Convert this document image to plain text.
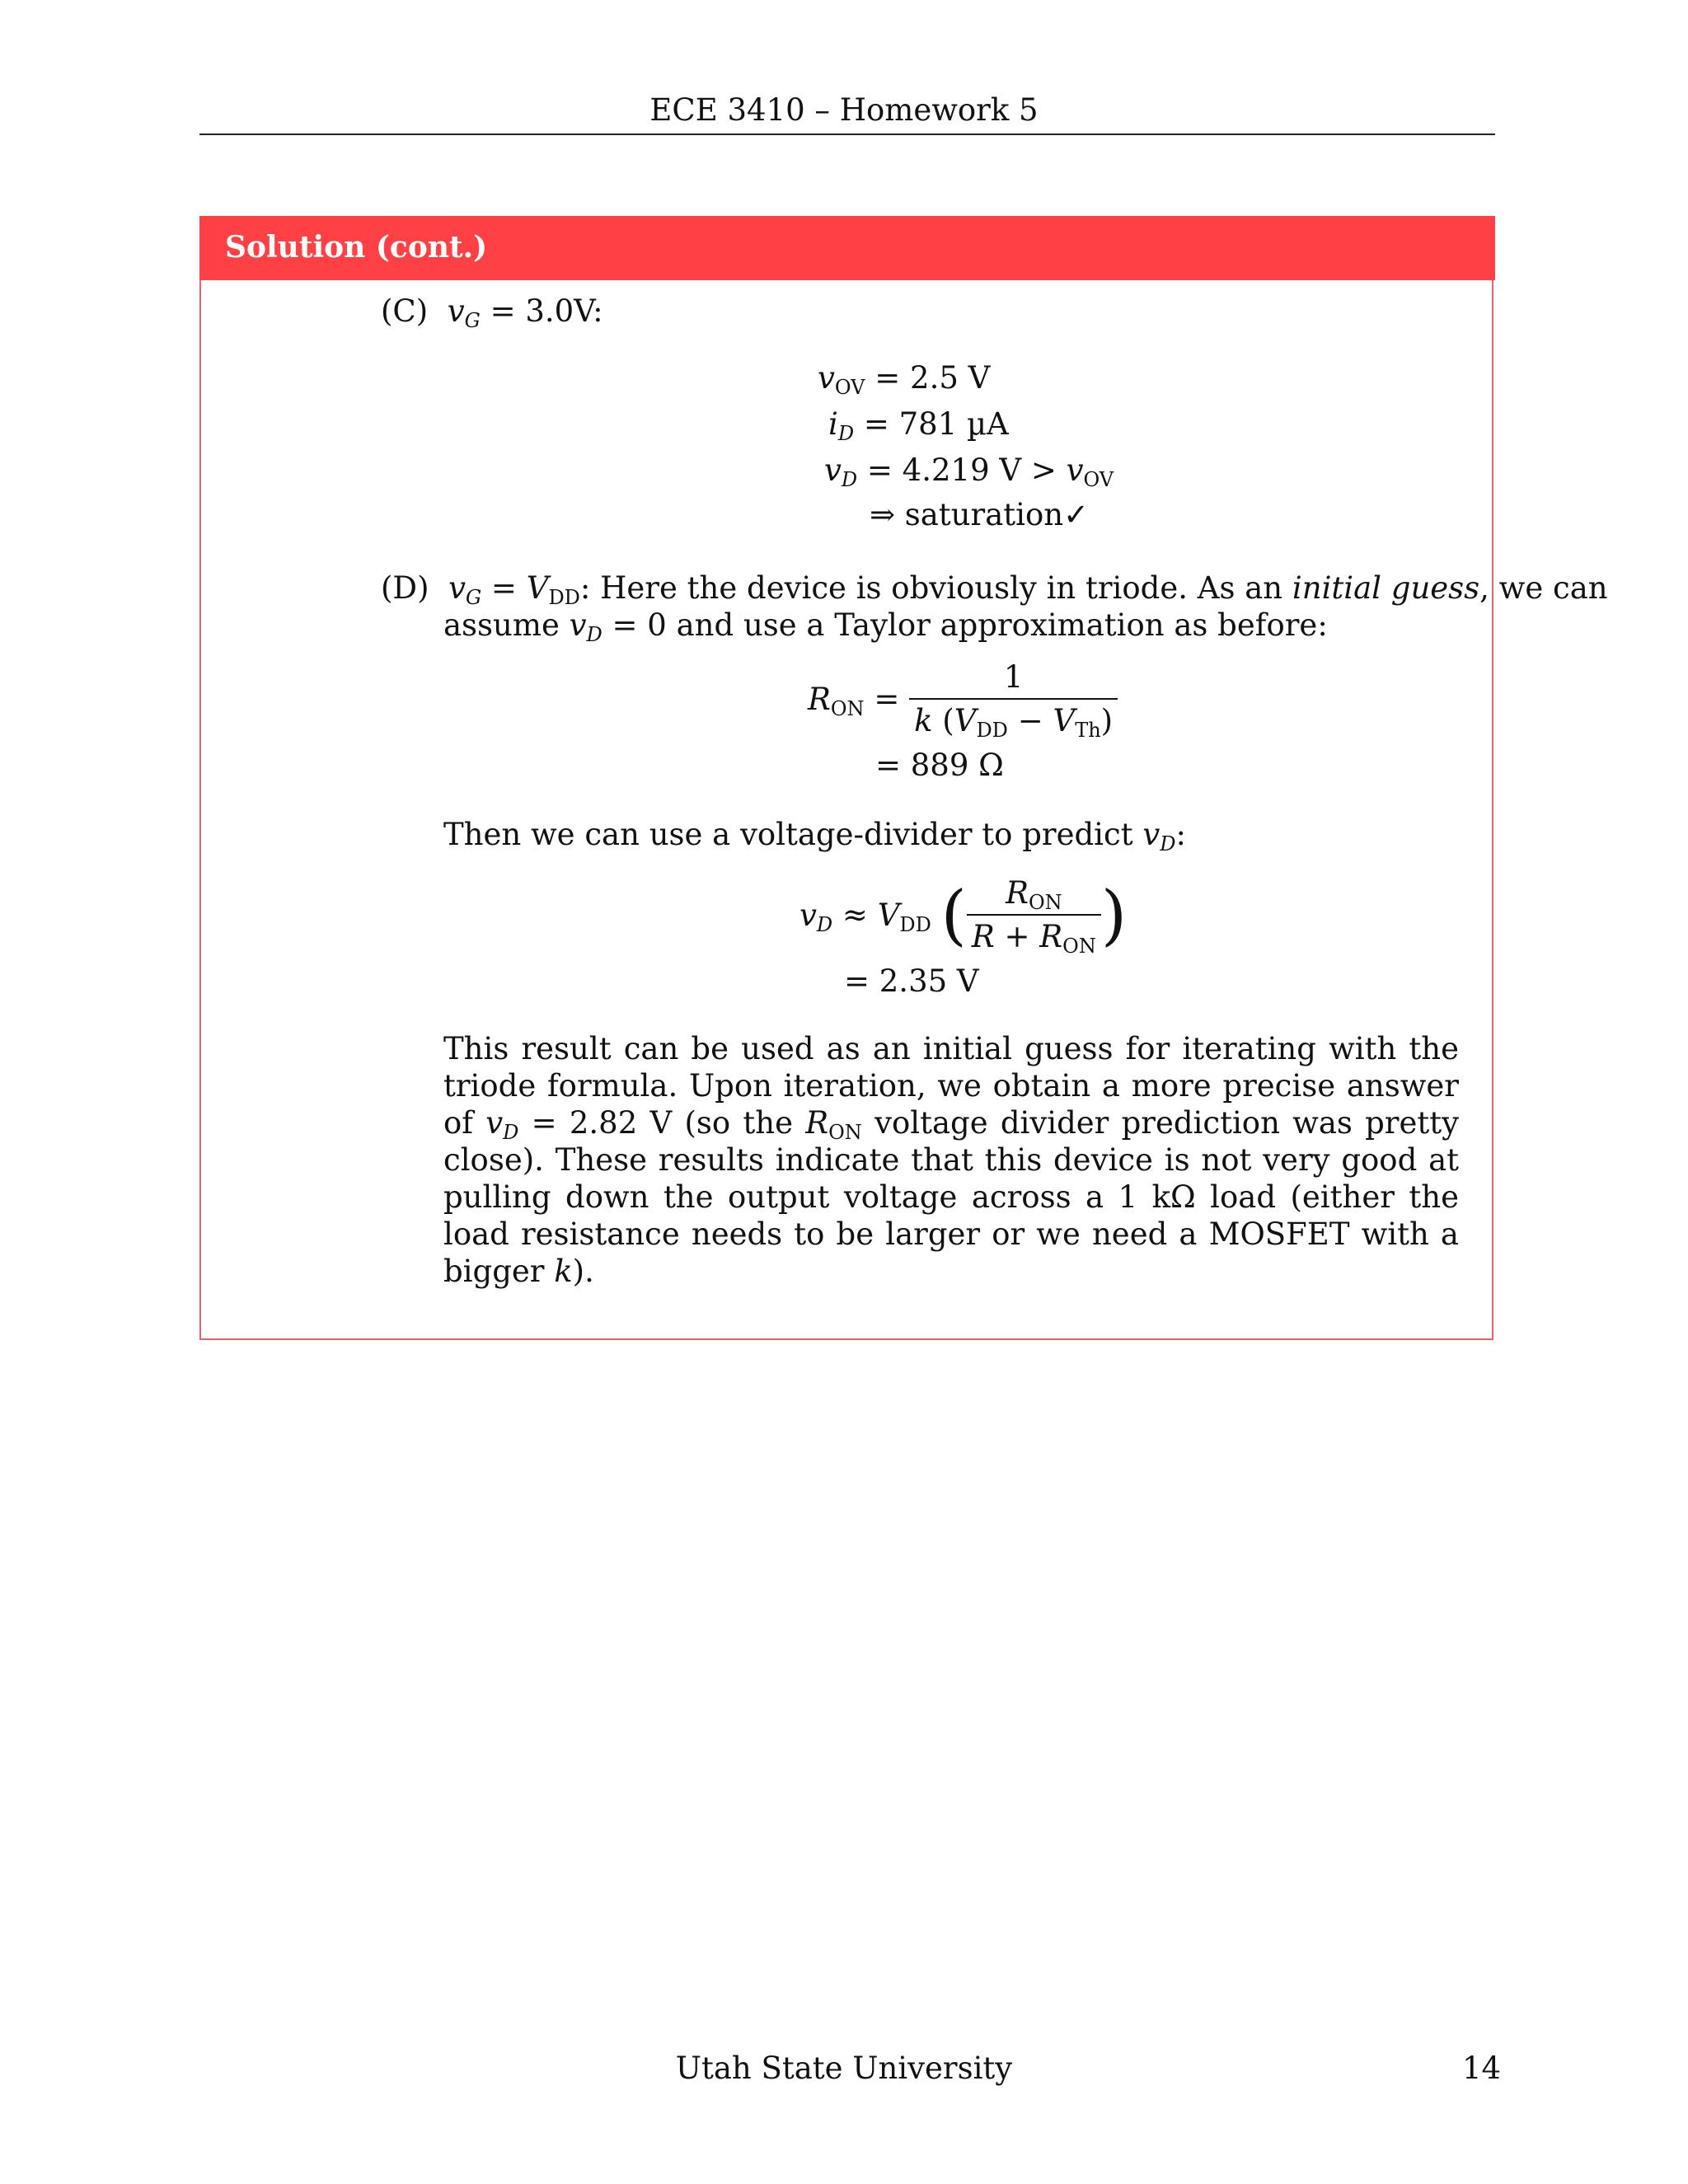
ECE 3410 – Homework 5
Solution (cont.)
(C) $v_G = 3.0V$:
$v_{OV} = 2.5$ V
$i_D = 781$ µA
$v_D = 4.219$ $V > v_{OV}$
⇒ saturation✓
(D) $v_G = V_{DD}$: Here the device is obviously in triode. As an initial guess, we can
assume $v_D = 0$ and use a Taylor approximation as before:
$R_{ON} = \frac{1}{k (V_{DD} - V_{Th})}$
= 889 Ω
Then we can use a voltage-divider to predict $v_D$:
$v_D \approx V_{DD}$ ( $\frac{R_{ON}}{R + R_{ON}}$ )
= 2.35 V
This result can be used as an initial guess for iterating with the triode formula. Upon iteration, we obtain a more precise answer of $v_D = 2.82$ V (so the $R_{ON}$ voltage divider prediction was pretty close). These results indicate that this device is not very good at pulling down the output voltage across a 1 kΩ load (either the load resistance needs to be larger or we need a MOSFET with a bigger k).
Utah State University	14
